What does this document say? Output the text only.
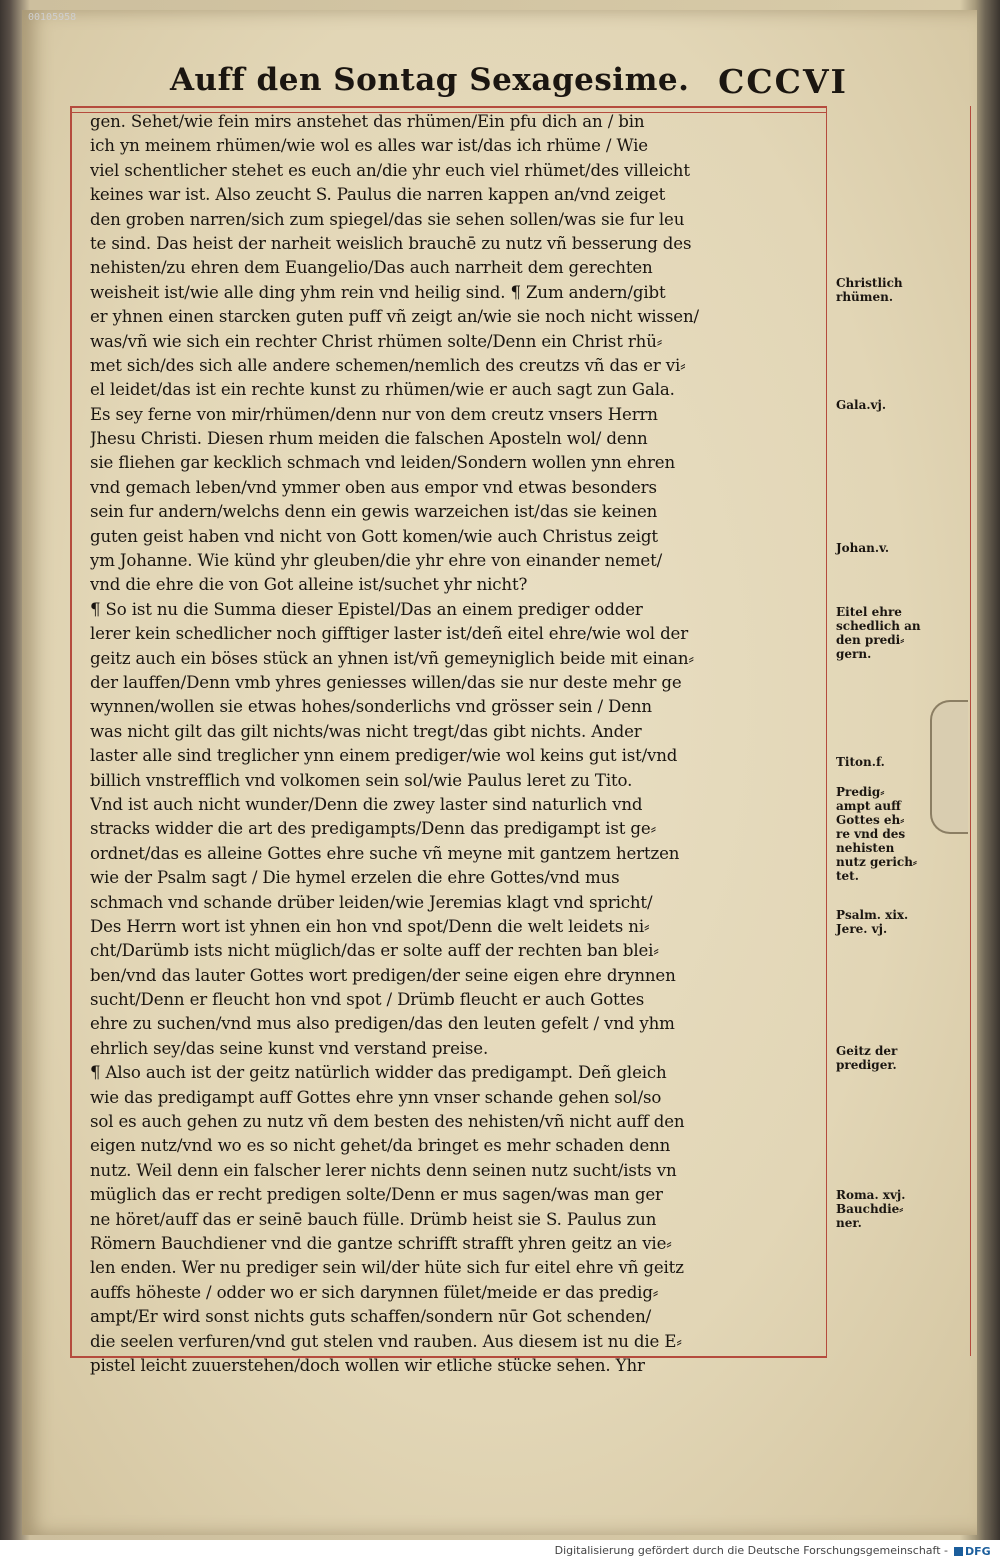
00105958
Auff den Sontag Sexagesime. CCCVI
gen. Sehet/wie fein mirs anstehet das rhümen/Ein pfu dich an / bin
ich yn meinem rhümen/wie wol es alles war ist/das ich rhüme / Wie
viel schentlicher stehet es euch an/die yhr euch viel rhümet/des villeicht
keines war ist. Also zeucht S. Paulus die narren kappen an/vnd zeiget
den groben narren/sich zum spiegel/das sie sehen sollen/was sie fur leu
te sind. Das heist der narheit weislich brauchē zu nutz vñ besserung des
nehisten/zu ehren dem Euangelio/Das auch narrheit dem gerechten
weisheit ist/wie alle ding yhm rein vnd heilig sind. ¶ Zum andern/gibt
er yhnen einen starcken guten puff vñ zeigt an/wie sie noch nicht wissen/
was/vñ wie sich ein rechter Christ rhümen solte/Denn ein Christ rhü⸗
met sich/des sich alle andere schemen/nemlich des creutzs vñ das er vi⸗
el leidet/das ist ein rechte kunst zu rhümen/wie er auch sagt zun Gala.
Es sey ferne von mir/rhümen/denn nur von dem creutz vnsers Herrn
Jhesu Christi. Diesen rhum meiden die falschen Aposteln wol/ denn
sie fliehen gar kecklich schmach vnd leiden/Sondern wollen ynn ehren
vnd gemach leben/vnd ymmer oben aus empor vnd etwas besonders
sein fur andern/welchs denn ein gewis warzeichen ist/das sie keinen
guten geist haben vnd nicht von Gott komen/wie auch Christus zeigt
ym Johanne. Wie künd yhr gleuben/die yhr ehre von einander nemet/
vnd die ehre die von Got alleine ist/suchet yhr nicht?
¶ So ist nu die Summa dieser Epistel/Das an einem prediger odder
lerer kein schedlicher noch gifftiger laster ist/deñ eitel ehre/wie wol der
geitz auch ein böses stück an yhnen ist/vñ gemeyniglich beide mit einan⸗
der lauffen/Denn vmb yhres geniesses willen/das sie nur deste mehr ge
wynnen/wollen sie etwas hohes/sonderlichs vnd grösser sein / Denn
was nicht gilt das gilt nichts/was nicht tregt/das gibt nichts. Ander
laster alle sind treglicher ynn einem prediger/wie wol keins gut ist/vnd
billich vnstrefflich vnd volkomen sein sol/wie Paulus leret zu Tito.
Vnd ist auch nicht wunder/Denn die zwey laster sind naturlich vnd
stracks widder die art des predigampts/Denn das predigampt ist ge⸗
ordnet/das es alleine Gottes ehre suche vñ meyne mit gantzem hertzen
wie der Psalm sagt / Die hymel erzelen die ehre Gottes/vnd mus
schmach vnd schande drüber leiden/wie Jeremias klagt vnd spricht/
Des Herrn wort ist yhnen ein hon vnd spot/Denn die welt leidets ni⸗
cht/Darümb ists nicht müglich/das er solte auff der rechten ban blei⸗
ben/vnd das lauter Gottes wort predigen/der seine eigen ehre drynnen
sucht/Denn er fleucht hon vnd spot / Drümb fleucht er auch Gottes
ehre zu suchen/vnd mus also predigen/das den leuten gefelt / vnd yhm
ehrlich sey/das seine kunst vnd verstand preise.
¶ Also auch ist der geitz natürlich widder das predigampt. Deñ gleich
wie das predigampt auff Gottes ehre ynn vnser schande gehen sol/so
sol es auch gehen zu nutz vñ dem besten des nehisten/vñ nicht auff den
eigen nutz/vnd wo es so nicht gehet/da bringet es mehr schaden denn
nutz. Weil denn ein falscher lerer nichts denn seinen nutz sucht/ists vn
müglich das er recht predigen solte/Denn er mus sagen/was man ger
ne höret/auff das er seinē bauch fülle. Drümb heist sie S. Paulus zun
Römern Bauchdiener vnd die gantze schrifft strafft yhren geitz an vie⸗
len enden. Wer nu prediger sein wil/der hüte sich fur eitel ehre vñ geitz
auffs höheste / odder wo er sich darynnen fület/meide er das predig⸗
ampt/Er wird sonst nichts guts schaffen/sondern nūr Got schenden/
die seelen verfuren/vnd gut stelen vnd rauben. Aus diesem ist nu die E⸗
pistel leicht zuuerstehen/doch wollen wir etliche stücke sehen. Yhr
Christlich
rhümen.
Gala.vj.
Johan.v.
Eitel ehre
schedlich an
den predi⸗
gern.
Titon.f.
Predig⸗
ampt auff
Gottes eh⸗
re vnd des
nehisten
nutz gerich⸗
tet.
Psalm. xix.
Jere. vj.
Geitz der
prediger.
Roma. xvj.
Bauchdie⸗
ner.
Digitalisierung gefördert durch die Deutsche Forschungsgemeinschaft - DFG
